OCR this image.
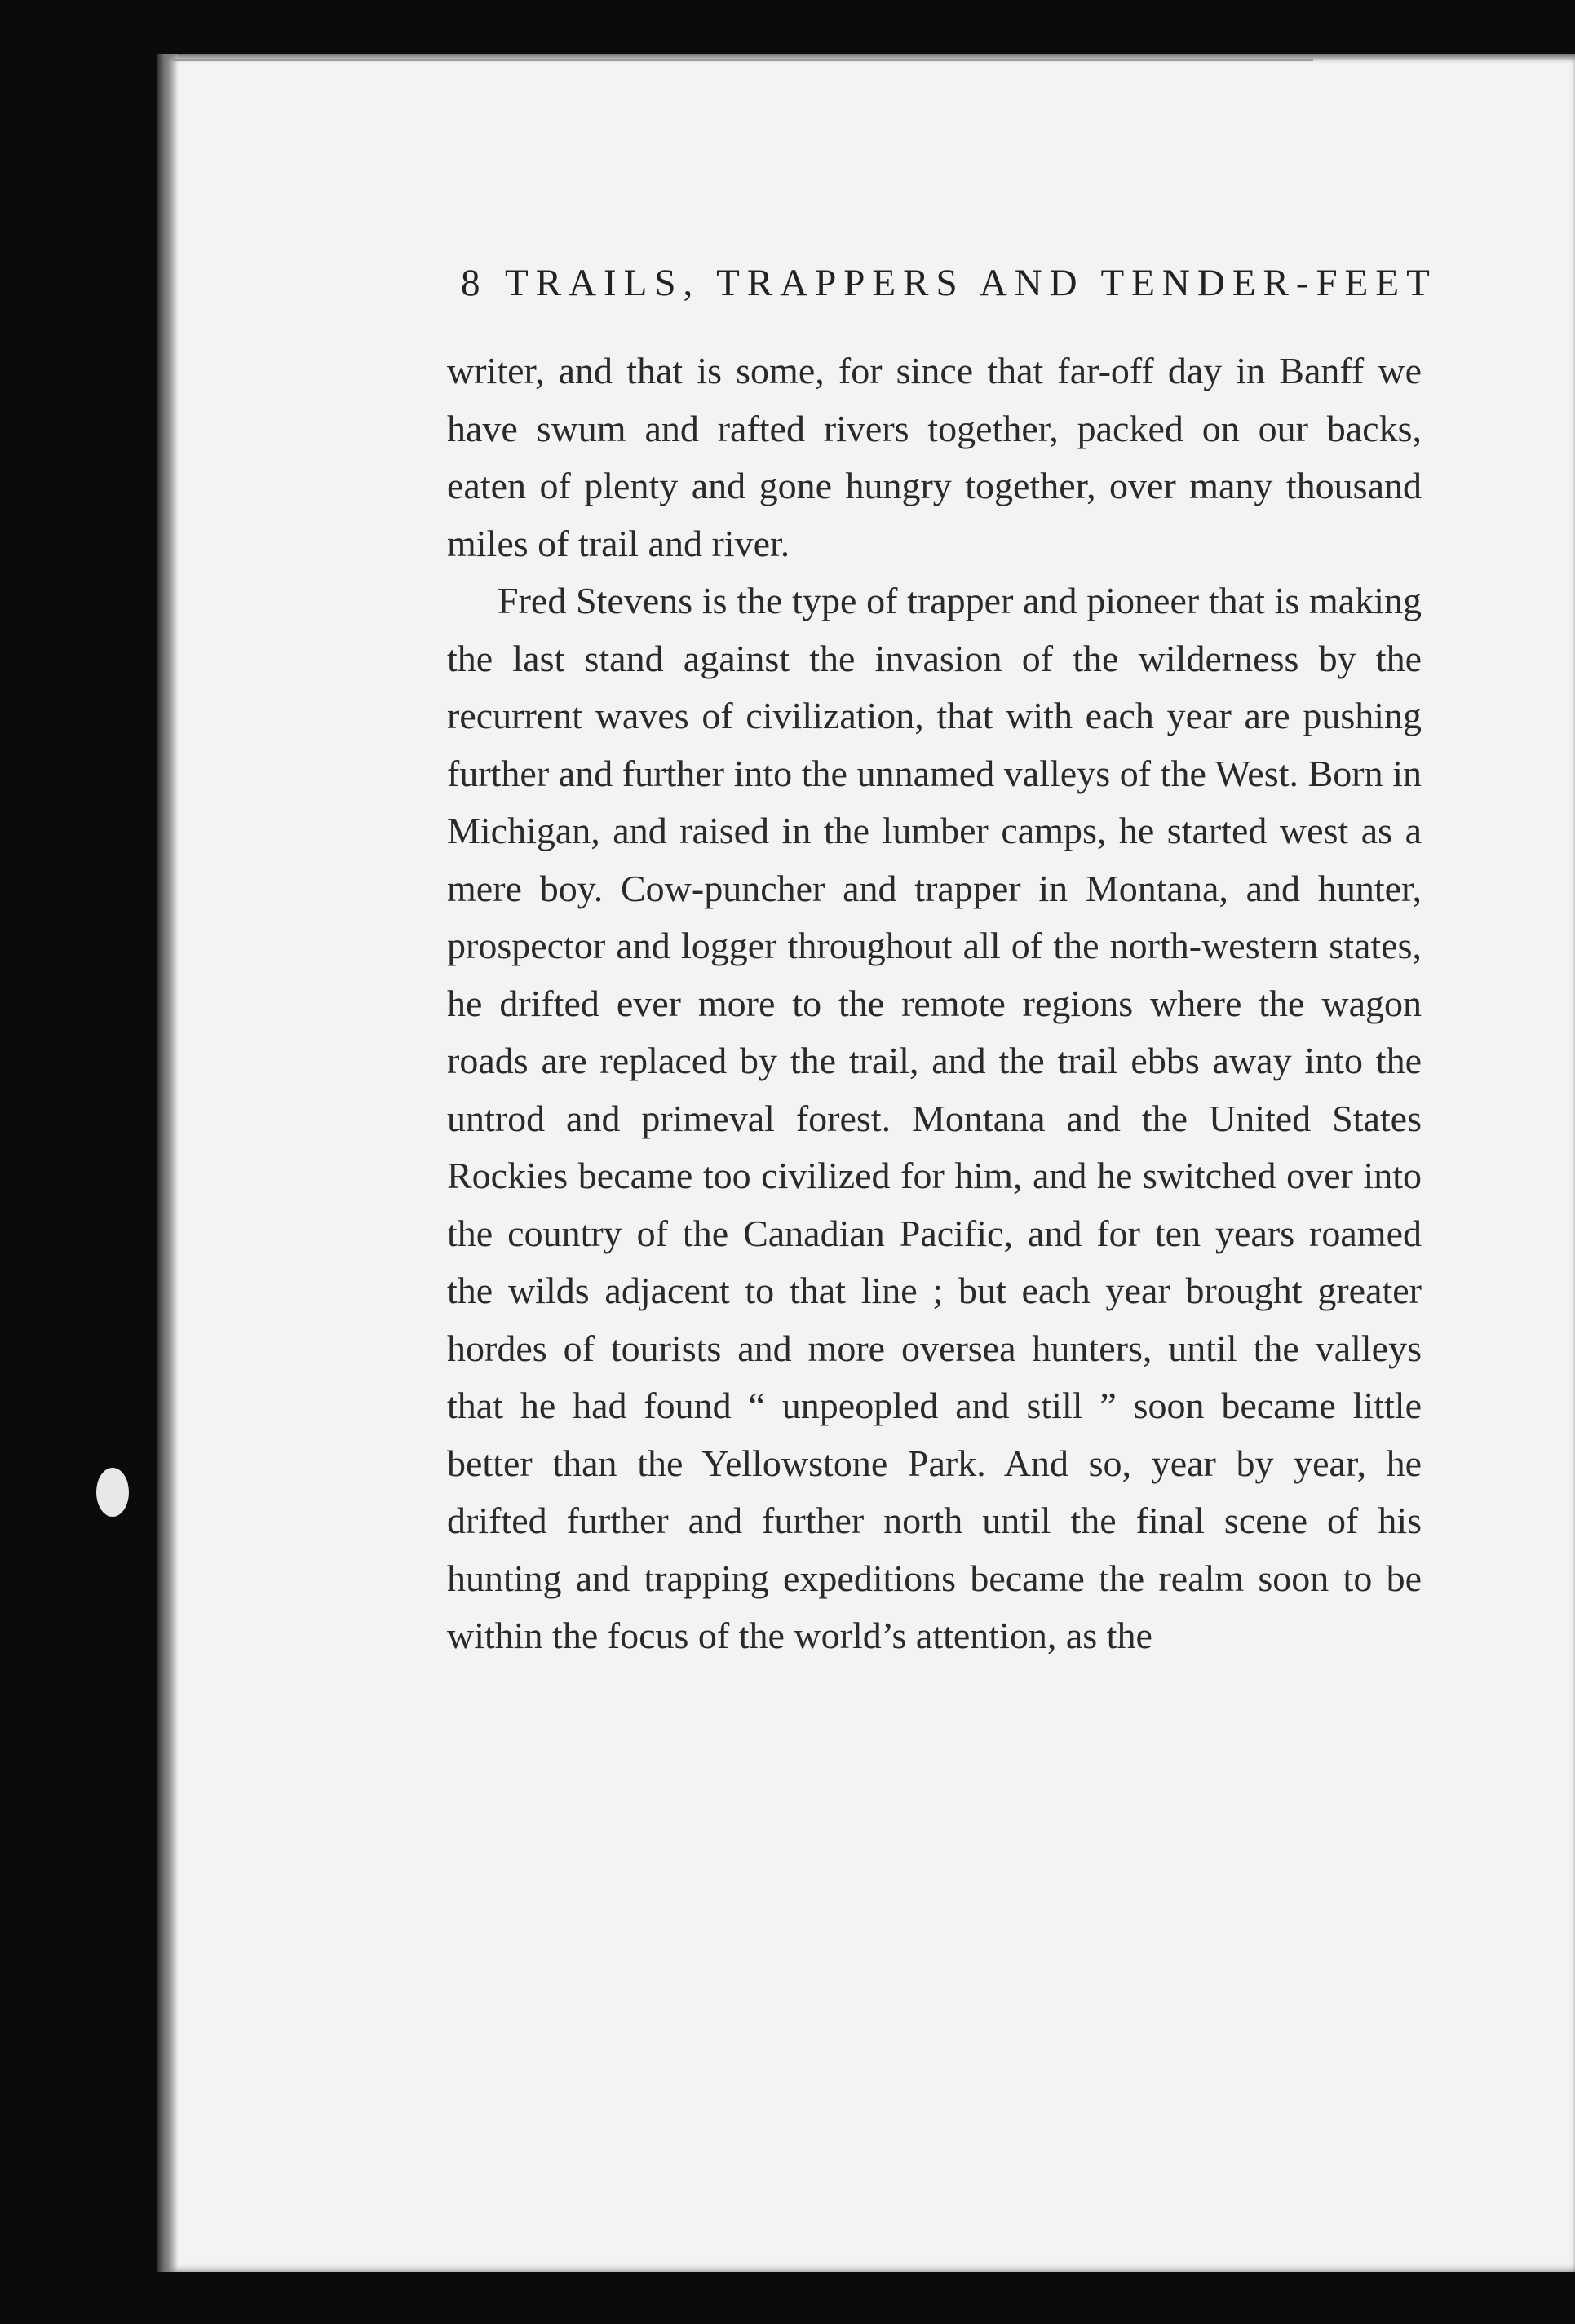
8 TRAILS, TRAPPERS AND TENDER-FEET

writer, and that is some, for since that far-off day in Banff we have swum and rafted rivers together, packed on our backs, eaten of plenty and gone hungry together, over many thousand miles of trail and river.

Fred Stevens is the type of trapper and pioneer that is making the last stand against the invasion of the wilderness by the recurrent waves of civilization, that with each year are pushing further and further into the unnamed valleys of the West. Born in Michigan, and raised in the lumber camps, he started west as a mere boy. Cow-puncher and trapper in Montana, and hunter, prospector and logger throughout all of the north-western states, he drifted ever more to the remote regions where the wagon roads are replaced by the trail, and the trail ebbs away into the untrod and primeval forest. Montana and the United States Rockies became too civilized for him, and he switched over into the country of the Canadian Pacific, and for ten years roamed the wilds adjacent to that line ; but each year brought greater hordes of tourists and more oversea hunters, until the valleys that he had found “ unpeopled and still ” soon became little better than the Yellowstone Park. And so, year by year, he drifted further and further north until the final scene of his hunting and trapping expeditions became the realm soon to be within the focus of the world’s attention, as the
